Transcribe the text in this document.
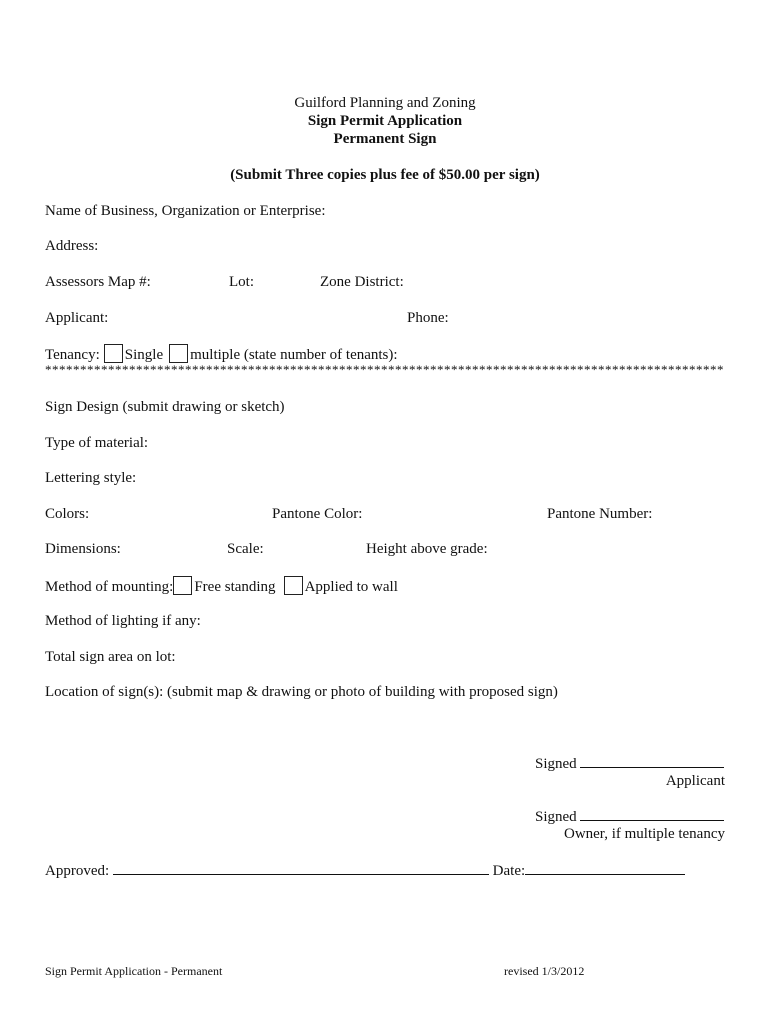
Guilford Planning and Zoning
Sign Permit Application
Permanent Sign
(Submit Three copies plus fee of $50.00 per sign)
Name of Business, Organization or Enterprise:
Address:
Assessors Map #:	Lot:	Zone District:
Applicant:	Phone:
Tenancy: Single multiple (state number of tenants):
*************************************************************************************************
Sign Design (submit drawing or sketch)
Type of material:
Lettering style:
Colors:	Pantone Color:	Pantone Number:
Dimensions:	Scale:	Height above grade:
Method of mounting: Free standing Applied to wall
Method of lighting if any:
Total sign area on lot:
Location of sign(s): (submit map & drawing or photo of building with proposed sign)
Signed
Applicant
Signed
Owner, if multiple tenancy
Approved:	Date:
Sign Permit Application - Permanent	revised 1/3/2012
